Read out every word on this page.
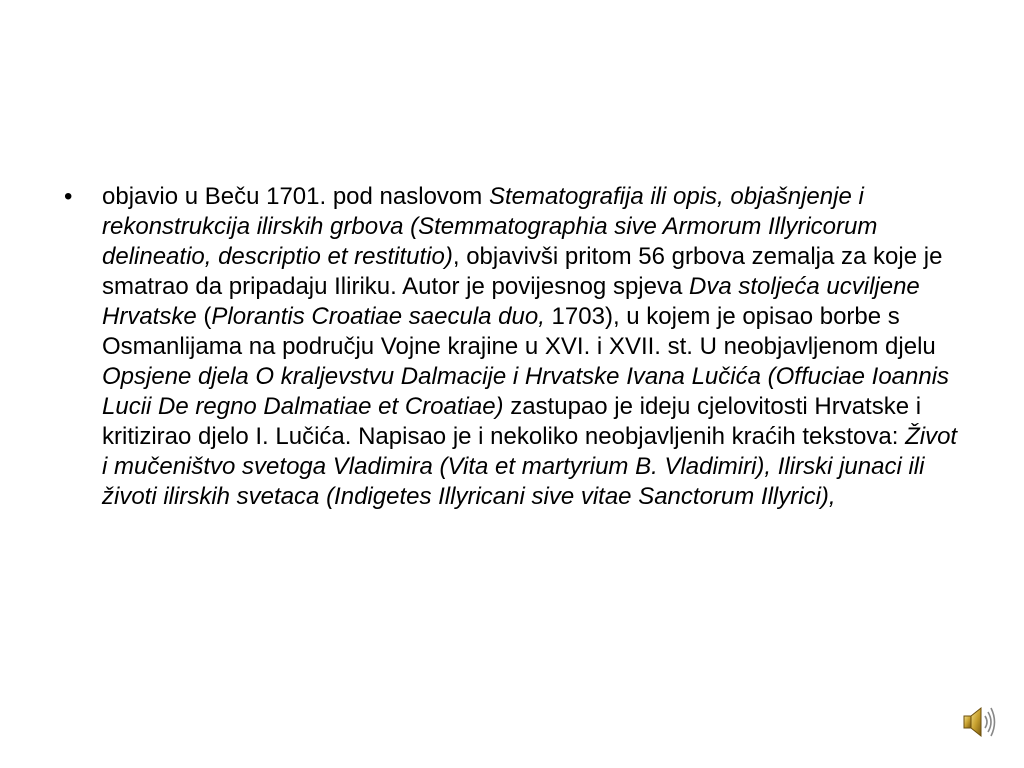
• objavio u Beču 1701. pod naslovom Stematografija ili opis, objašnjenje i rekonstrukcija ilirskih grbova (Stemmatographia sive Armorum Illyricorum delineatio, descriptio et restitutio), objavivši pritom 56 grbova zemalja za koje je smatrao da pripadaju Iliriku. Autor je povijesnog spjeva Dva stoljeća ucviljene Hrvatske (Plorantis Croatiae saecula duo, 1703), u kojem je opisao borbe s Osmanlijama na području Vojne krajine u XVI. i XVII. st. U neobjavljenom djelu Opsjene djela O kraljevstvu Dalmacije i Hrvatske Ivana Lučića (Offuciae Ioannis Lucii De regno Dalmatiae et Croatiae) zastupao je ideju cjelovitosti Hrvatske i kritizirao djelo I. Lučića. Napisao je i nekoliko neobjavljenih kraćih tekstova: Život i mučeništvo svetoga Vladimira (Vita et martyrium B. Vladimiri), Ilirski junaci ili životi ilirskih svetaca (Indigetes Illyricani sive vitae Sanctorum Illyrici),
